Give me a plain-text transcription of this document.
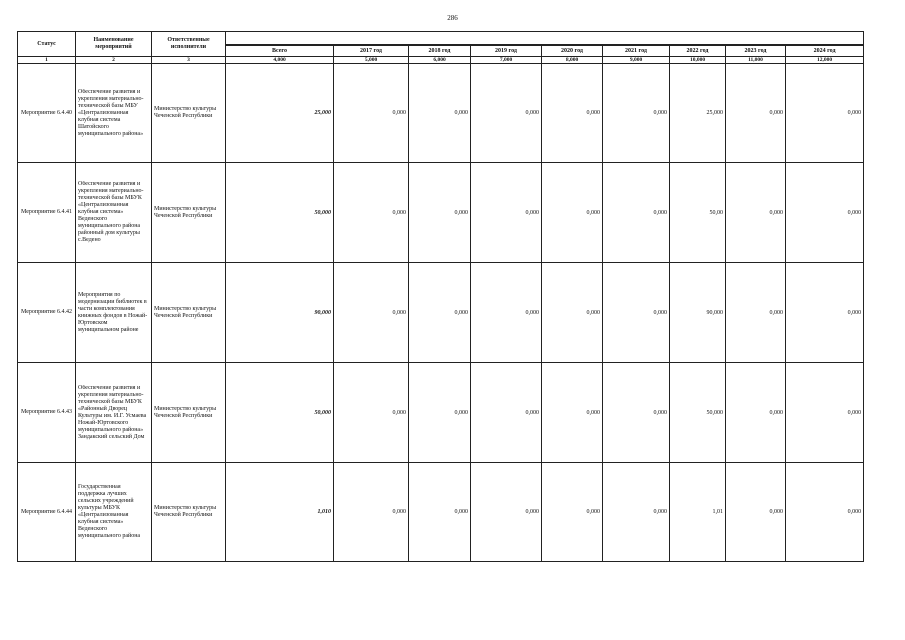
286
Статус	Наименование мероприятий	Ответственные исполнители									

			Всего	2017 год	2018 год	2019 год	2020 год	2021 год	2022 год	2023 год	2024 год
1	2	3	4,000	5,000	6,000	7,000	8,000	9,000	10,000	11,000	12,000
Мероприятие 6.4.40	Обеспечение развития и укрепления материально-технической базы МБУ «Централизованная клубная система Шатойского муниципального района»	Министерство культуры Чеченской Республики	25,000	0,000	0,000	0,000	0,000	0,000	25,000	0,000	0,000
Мероприятие 6.4.41	Обеспечение развития и укрепления материально-технической базы МБУК «Централизованная клубная система» Веденского муниципального района районный дом культуры с.Ведено	Министерство культуры Чеченской Республики	50,000	0,000	0,000	0,000	0,000	0,000	50,00	0,000	0,000
Мероприятие 6.4.42	Мероприятия по модернизации библиотек в части комплектования книжных фондов в Ножай-Юртовском муниципальном районе	Министерство культуры Чеченской Республики	90,000	0,000	0,000	0,000	0,000	0,000	90,000	0,000	0,000
Мероприятие 6.4.43	Обеспечение развития и укрепления материально-технической базы МБУК «Районный Дворец Культуры им. И.Г. Усмаева Ножай-Юртовского муниципального района» Зандакский сельский Дом	Министерство культуры Чеченской Республики	50,000	0,000	0,000	0,000	0,000	0,000	50,000	0,000	0,000
Мероприятие 6.4.44	Государственная поддержка лучших сельских учреждений культуры МБУК «Централизованная клубная система» Веденского муниципального района	Министерство культуры Чеченской Республики	1,010	0,000	0,000	0,000	0,000	0,000	1,01	0,000	0,000
